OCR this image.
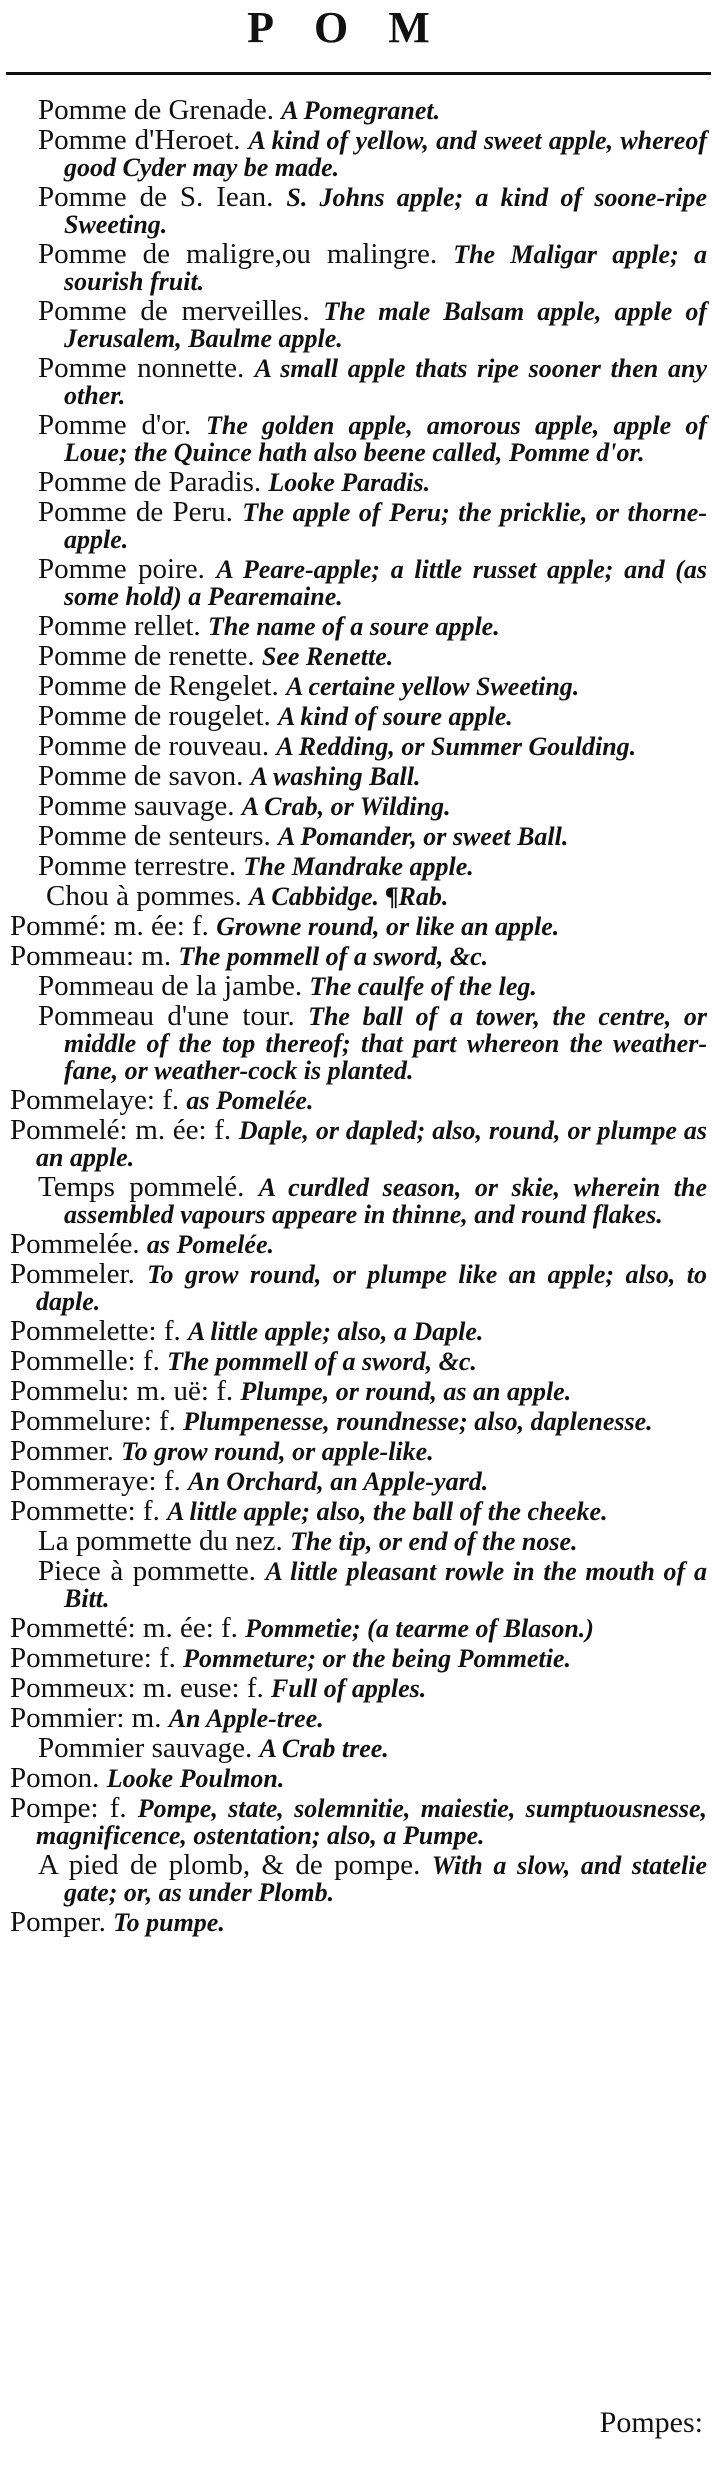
POM

Pomme de Grenade. A Pomegranet.

Pomme d'Heroet. A kind of yellow, and sweet apple, whereof good Cyder may be made.

Pomme de S. Iean. S. Johns apple; a kind of soone-ripe Sweeting.

Pomme de maligre,ou malingre. The Maligar apple; a sourish fruit.

Pomme de merveilles. The male Balsam apple, apple of Jerusalem, Baulme apple.

Pomme nonnette. A small apple thats ripe sooner then any other.

Pomme d'or. The golden apple, amorous apple, apple of Loue; the Quince hath also beene called, Pomme d'or.

Pomme de Paradis. Looke Paradis.

Pomme de Peru. The apple of Peru; the pricklie, or thorne-apple.

Pomme poire. A Peare-apple; a little russet apple; and (as some hold) a Pearemaine.

Pomme rellet. The name of a soure apple.

Pomme de renette. See Renette.

Pomme de Rengelet. A certaine yellow Sweeting.

Pomme de rougelet. A kind of soure apple.

Pomme de rouveau. A Redding, or Summer Goulding.

Pomme de savon. A washing Ball.

Pomme sauvage. A Crab, or Wilding.

Pomme de senteurs. A Pomander, or sweet Ball.

Pomme terrestre. The Mandrake apple.

Chou à pommes. A Cabbidge. ¶Rab.

Pommé: m. ée: f. Growne round, or like an apple.

Pommeau: m. The pommell of a sword, &c.

Pommeau de la jambe. The caulfe of the leg.

Pommeau d'une tour. The ball of a tower, the centre, or middle of the top thereof; that part whereon the weather-fane, or weather-cock is planted.

Pommelaye: f. as Pomelée.

Pommelé: m. ée: f. Daple, or dapled; also, round, or plumpe as an apple.

Temps pommelé. A curdled season, or skie, wherein the assembled vapours appeare in thinne, and round flakes.

Pommelée. as Pomelée.

Pommeler. To grow round, or plumpe like an apple; also, to daple.

Pommelette: f. A little apple; also, a Daple.

Pommelle: f. The pommell of a sword, &c.

Pommelu: m. uë: f. Plumpe, or round, as an apple.

Pommelure: f. Plumpenesse, roundnesse; also, daplenesse.

Pommer. To grow round, or apple-like.

Pommeraye: f. An Orchard, an Apple-yard.

Pommette: f. A little apple; also, the ball of the cheeke.

La pommette du nez. The tip, or end of the nose.

Piece à pommette. A little pleasant rowle in the mouth of a Bitt.

Pommetté: m. ée: f. Pommetie; (a tearme of Blason.)

Pommeture: f. Pommeture; or the being Pommetie.

Pommeux: m. euse: f. Full of apples.

Pommier: m. An Apple-tree.

Pommier sauvage. A Crab tree.

Pomon. Looke Poulmon.

Pompe: f. Pompe, state, solemnitie, maiestie, sumptuousnesse, magnificence, ostentation; also, a Pumpe.

A pied de plomb, & de pompe. With a slow, and statelie gate; or, as under Plomb.

Pomper. To pumpe.

Pompes:
